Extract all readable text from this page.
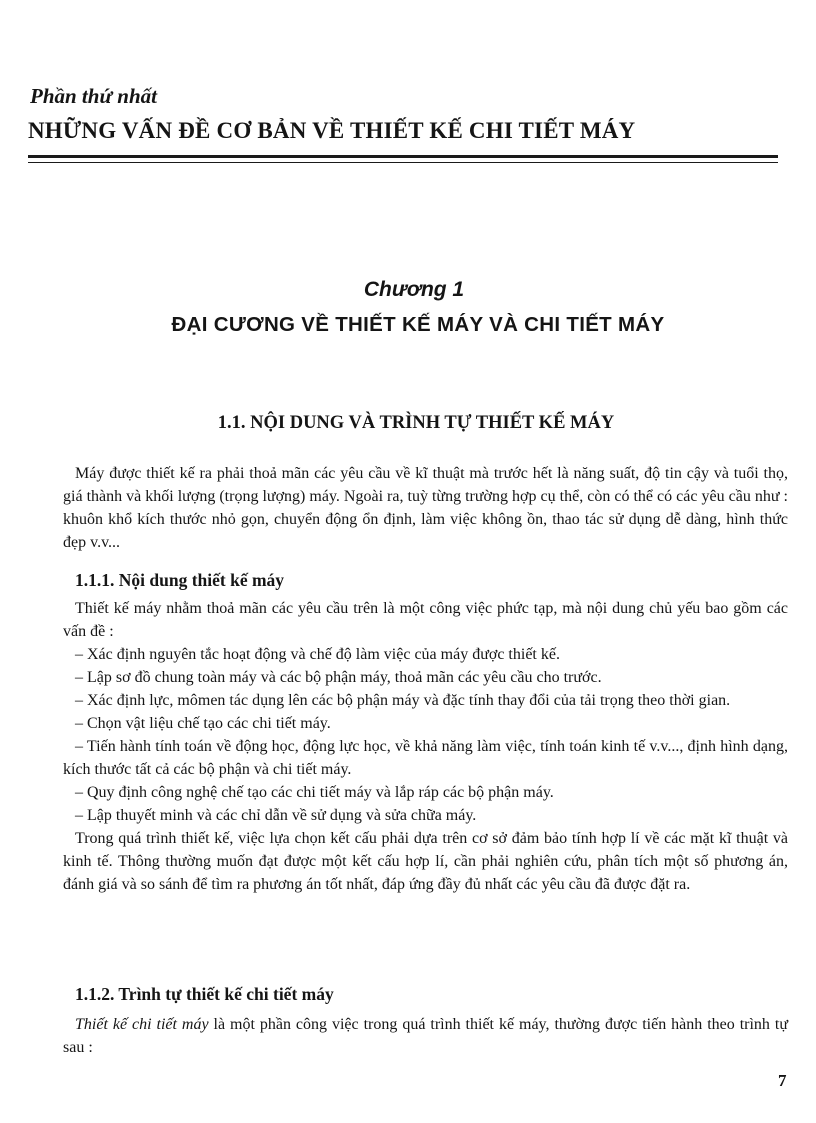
Phần thứ nhất
NHỮNG VẤN ĐỀ CƠ BẢN VỀ THIẾT KẾ CHI TIẾT MÁY
Chương 1
ĐẠI CƯƠNG VỀ THIẾT KẾ MÁY VÀ CHI TIẾT MÁY
1.1. NỘI DUNG VÀ TRÌNH TỰ THIẾT KẾ MÁY

Máy được thiết kế ra phải thoả mãn các yêu cầu về kĩ thuật mà trước hết là năng suất, độ tin cậy và tuổi thọ, giá thành và khối lượng (trọng lượng) máy. Ngoài ra, tuỳ từng trường hợp cụ thể, còn có thể có các yêu cầu như : khuôn khổ kích thước nhỏ gọn, chuyển động ổn định, làm việc không ồn, thao tác sử dụng dễ dàng, hình thức đẹp v.v...

1.1.1. Nội dung thiết kế máy

Thiết kế máy nhằm thoả mãn các yêu cầu trên là một công việc phức tạp, mà nội dung chủ yếu bao gồm các vấn đề :

– Xác định nguyên tắc hoạt động và chế độ làm việc của máy được thiết kế.

– Lập sơ đồ chung toàn máy và các bộ phận máy, thoả mãn các yêu cầu cho trước.

– Xác định lực, mômen tác dụng lên các bộ phận máy và đặc tính thay đổi của tải trọng theo thời gian.

– Chọn vật liệu chế tạo các chi tiết máy.

– Tiến hành tính toán về động học, động lực học, về khả năng làm việc, tính toán kinh tế v.v..., định hình dạng, kích thước tất cả các bộ phận và chi tiết máy.

– Quy định công nghệ chế tạo các chi tiết máy và lắp ráp các bộ phận máy.

– Lập thuyết minh và các chỉ dẫn về sử dụng và sửa chữa máy.

Trong quá trình thiết kế, việc lựa chọn kết cấu phải dựa trên cơ sở đảm bảo tính hợp lí về các mặt kĩ thuật và kinh tế. Thông thường muốn đạt được một kết cấu hợp lí, cần phải nghiên cứu, phân tích một số phương án, đánh giá và so sánh để tìm ra phương án tốt nhất, đáp ứng đầy đủ nhất các yêu cầu đã được đặt ra.

1.1.2. Trình tự thiết kế chi tiết máy

Thiết kế chi tiết máy là một phần công việc trong quá trình thiết kế máy, thường được tiến hành theo trình tự sau :

7
